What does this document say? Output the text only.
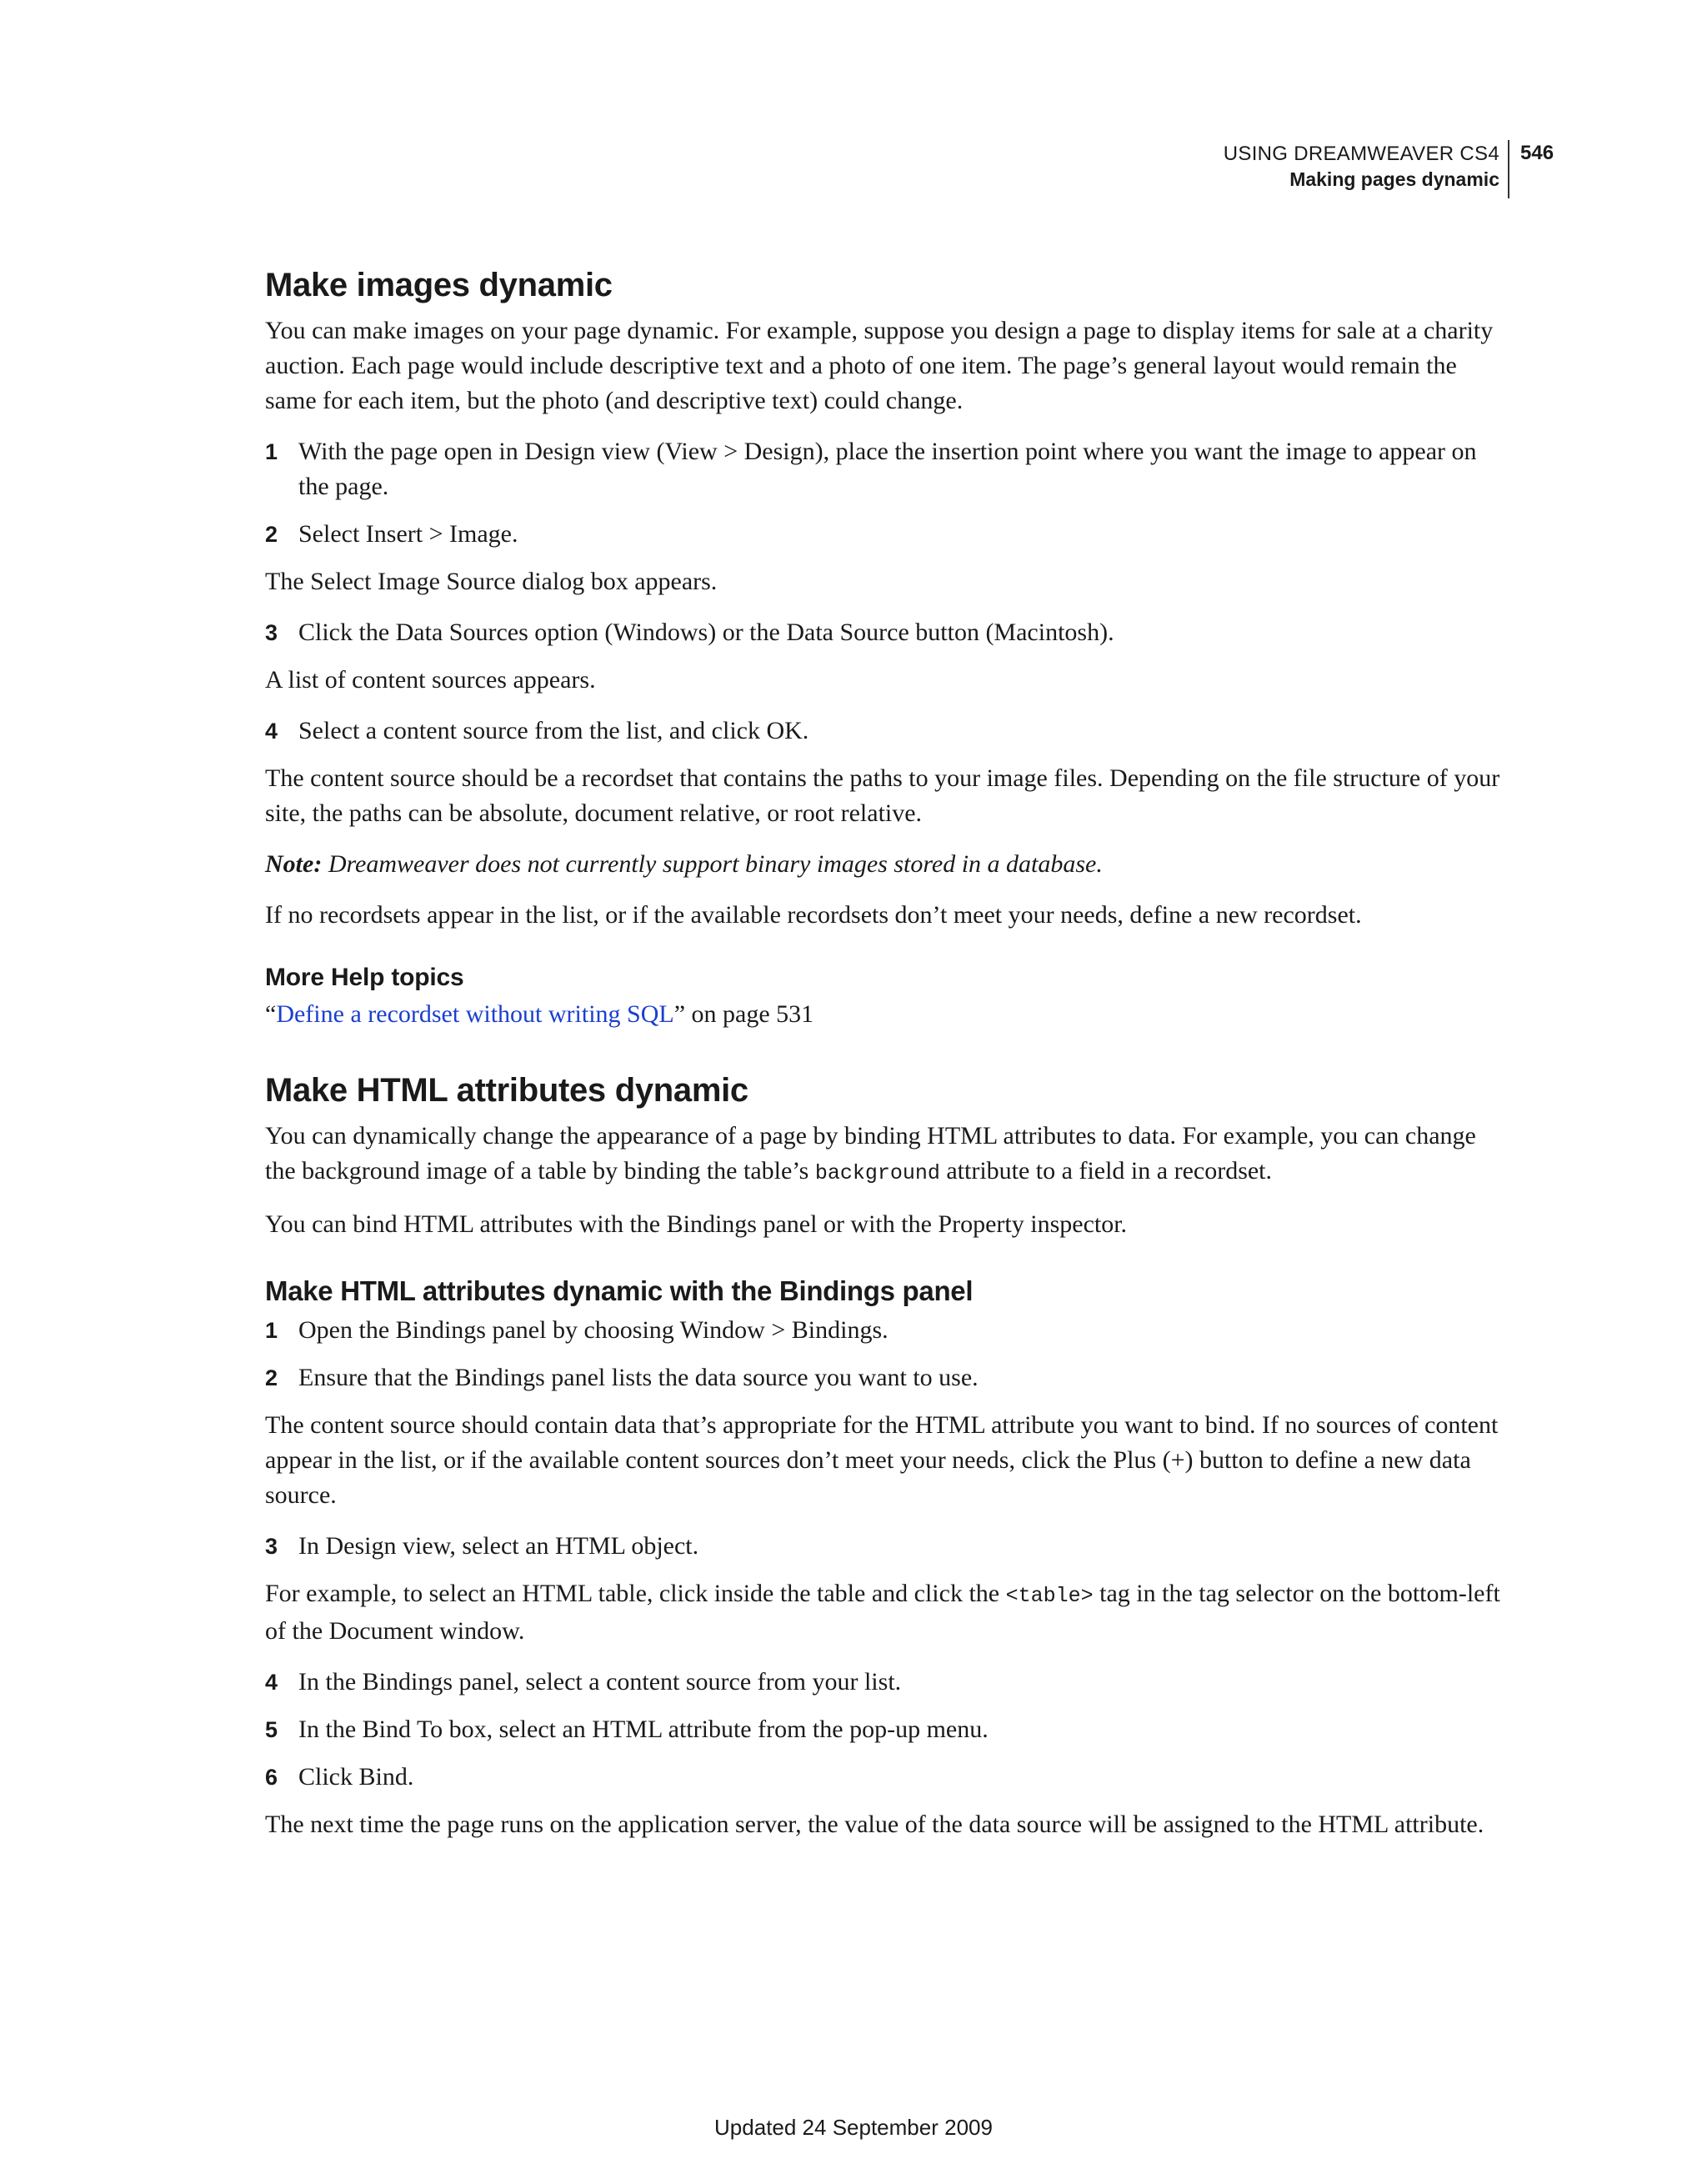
USING DREAMWEAVER CS4
Making pages dynamic
546
Make images dynamic

You can make images on your page dynamic. For example, suppose you design a page to display items for sale at a charity auction. Each page would include descriptive text and a photo of one item. The page’s general layout would remain the same for each item, but the photo (and descriptive text) could change.

1 With the page open in Design view (View > Design), place the insertion point where you want the image to appear on the page.
2 Select Insert > Image.

The Select Image Source dialog box appears.

3 Click the Data Sources option (Windows) or the Data Source button (Macintosh).

A list of content sources appears.

4 Select a content source from the list, and click OK.

The content source should be a recordset that contains the paths to your image files. Depending on the file structure of your site, the paths can be absolute, document relative, or root relative.

Note: Dreamweaver does not currently support binary images stored in a database.

If no recordsets appear in the list, or if the available recordsets don’t meet your needs, define a new recordset.

More Help topics

“Define a recordset without writing SQL” on page 531

Make HTML attributes dynamic

You can dynamically change the appearance of a page by binding HTML attributes to data. For example, you can change the background image of a table by binding the table’s background attribute to a field in a recordset.

You can bind HTML attributes with the Bindings panel or with the Property inspector.

Make HTML attributes dynamic with the Bindings panel
1 Open the Bindings panel by choosing Window > Bindings.
2 Ensure that the Bindings panel lists the data source you want to use.

The content source should contain data that’s appropriate for the HTML attribute you want to bind. If no sources of content appear in the list, or if the available content sources don’t meet your needs, click the Plus (+) button to define a new data source.

3 In Design view, select an HTML object.

For example, to select an HTML table, click inside the table and click the <table> tag in the tag selector on the bottom-left of the Document window.

4 In the Bindings panel, select a content source from your list.
5 In the Bind To box, select an HTML attribute from the pop-up menu.
6 Click Bind.

The next time the page runs on the application server, the value of the data source will be assigned to the HTML attribute.

Updated 24 September 2009
